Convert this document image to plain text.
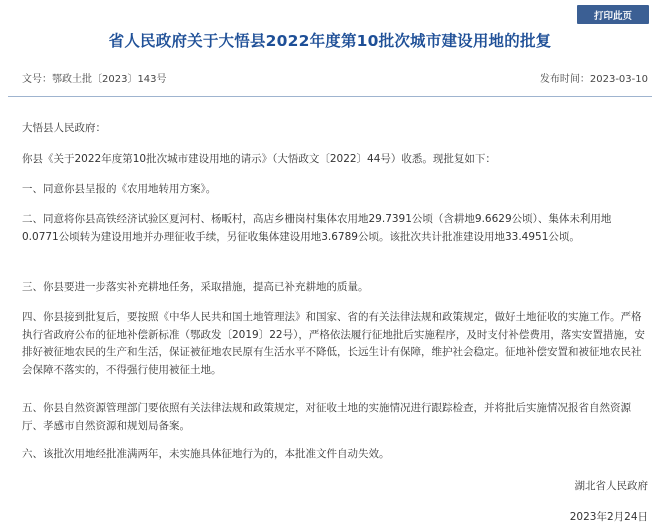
打印此页
省人民政府关于大悟县2022年度第10批次城市建设用地的批复
文号：鄂政土批〔2023〕143号	发布时间：2023-03-10
大悟县人民政府：
你县《关于2022年度第10批次城市建设用地的请示》（大悟政文〔2022〕44号）收悉。现批复如下：
一、同意你县呈报的《农用地转用方案》。
二、同意将你县高铁经济试验区夏河村、杨畈村，高店乡栅岗村集体农用地29.7391公顷（含耕地9.6629公顷）、集体未利用地0.0771公顷转为建设用地并办理征收手续，另征收集体建设用地3.6789公顷。该批次共计批准建设用地33.4951公顷。
三、你县要进一步落实补充耕地任务，采取措施，提高已补充耕地的质量。
四、你县接到批复后，要按照《中华人民共和国土地管理法》和国家、省的有关法律法规和政策规定，做好土地征收的实施工作。严格执行省政府公布的征地补偿新标准（鄂政发〔2019〕22号），严格依法履行征地批后实施程序，及时支付补偿费用，落实安置措施，安排好被征地农民的生产和生活，保证被征地农民原有生活水平不降低，长远生计有保障，维护社会稳定。征地补偿安置和被征地农民社会保障不落实的，不得强行使用被征土地。
五、你县自然资源管理部门要依照有关法律法规和政策规定，对征收土地的实施情况进行跟踪检查，并将批后实施情况报省自然资源厅、孝感市自然资源和规划局备案。
六、该批次用地经批准满两年，未实施具体征地行为的，本批准文件自动失效。
湖北省人民政府
2023年2月24日
